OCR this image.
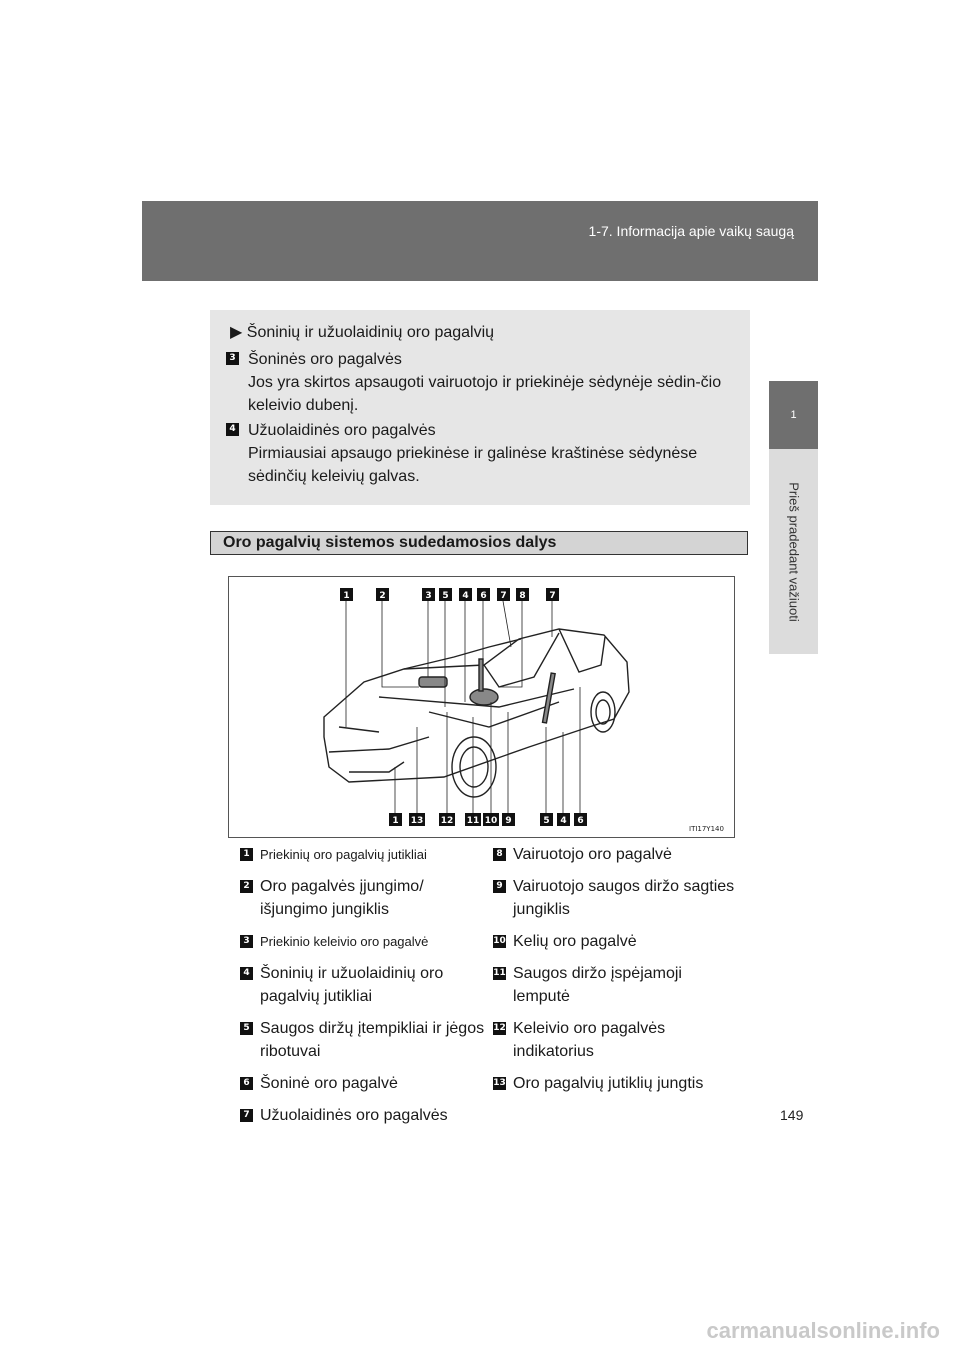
1-7. Informacija apie vaikų saugą
1
Prieš pradedant važiuoti
▶ Šoninių ir užuolaidinių oro pagalvių
3 Šoninės oro pagalvės
Jos yra skirtos apsaugoti vairuotojo ir priekinėje sėdynėje sėdin-čio keleivio dubenį.
4 Užuolaidinės oro pagalvės
Pirmiausiai apsaugo priekinėse ir galinėse kraštinėse sėdynėse sėdinčių keleivių galvas.
Oro pagalvių sistemos sudedamosios dalys
1	2	3 5 4 6 7 8	7
1 13 12 11 10 9	5 4 6
ITI17Y140
1 Priekinių oro pagalvių jutikliai
2 Oro pagalvės įjungimo/ išjungimo jungiklis
3 Priekinio keleivio oro pagalvė
4 Šoninių ir užuolaidinių oro pagalvių jutikliai
5 Saugos diržų įtempikliai ir jėgos ribotuvai
6 Šoninė oro pagalvė
7 Užuolaidinės oro pagalvės
8 Vairuotojo oro pagalvė
9 Vairuotojo saugos diržo sagties jungiklis
10 Kelių oro pagalvė
11 Saugos diržo įspėjamoji lemputė
12 Keleivio oro pagalvės indikatorius
13 Oro pagalvių jutiklių jungtis
149
carmanualsonline.info
